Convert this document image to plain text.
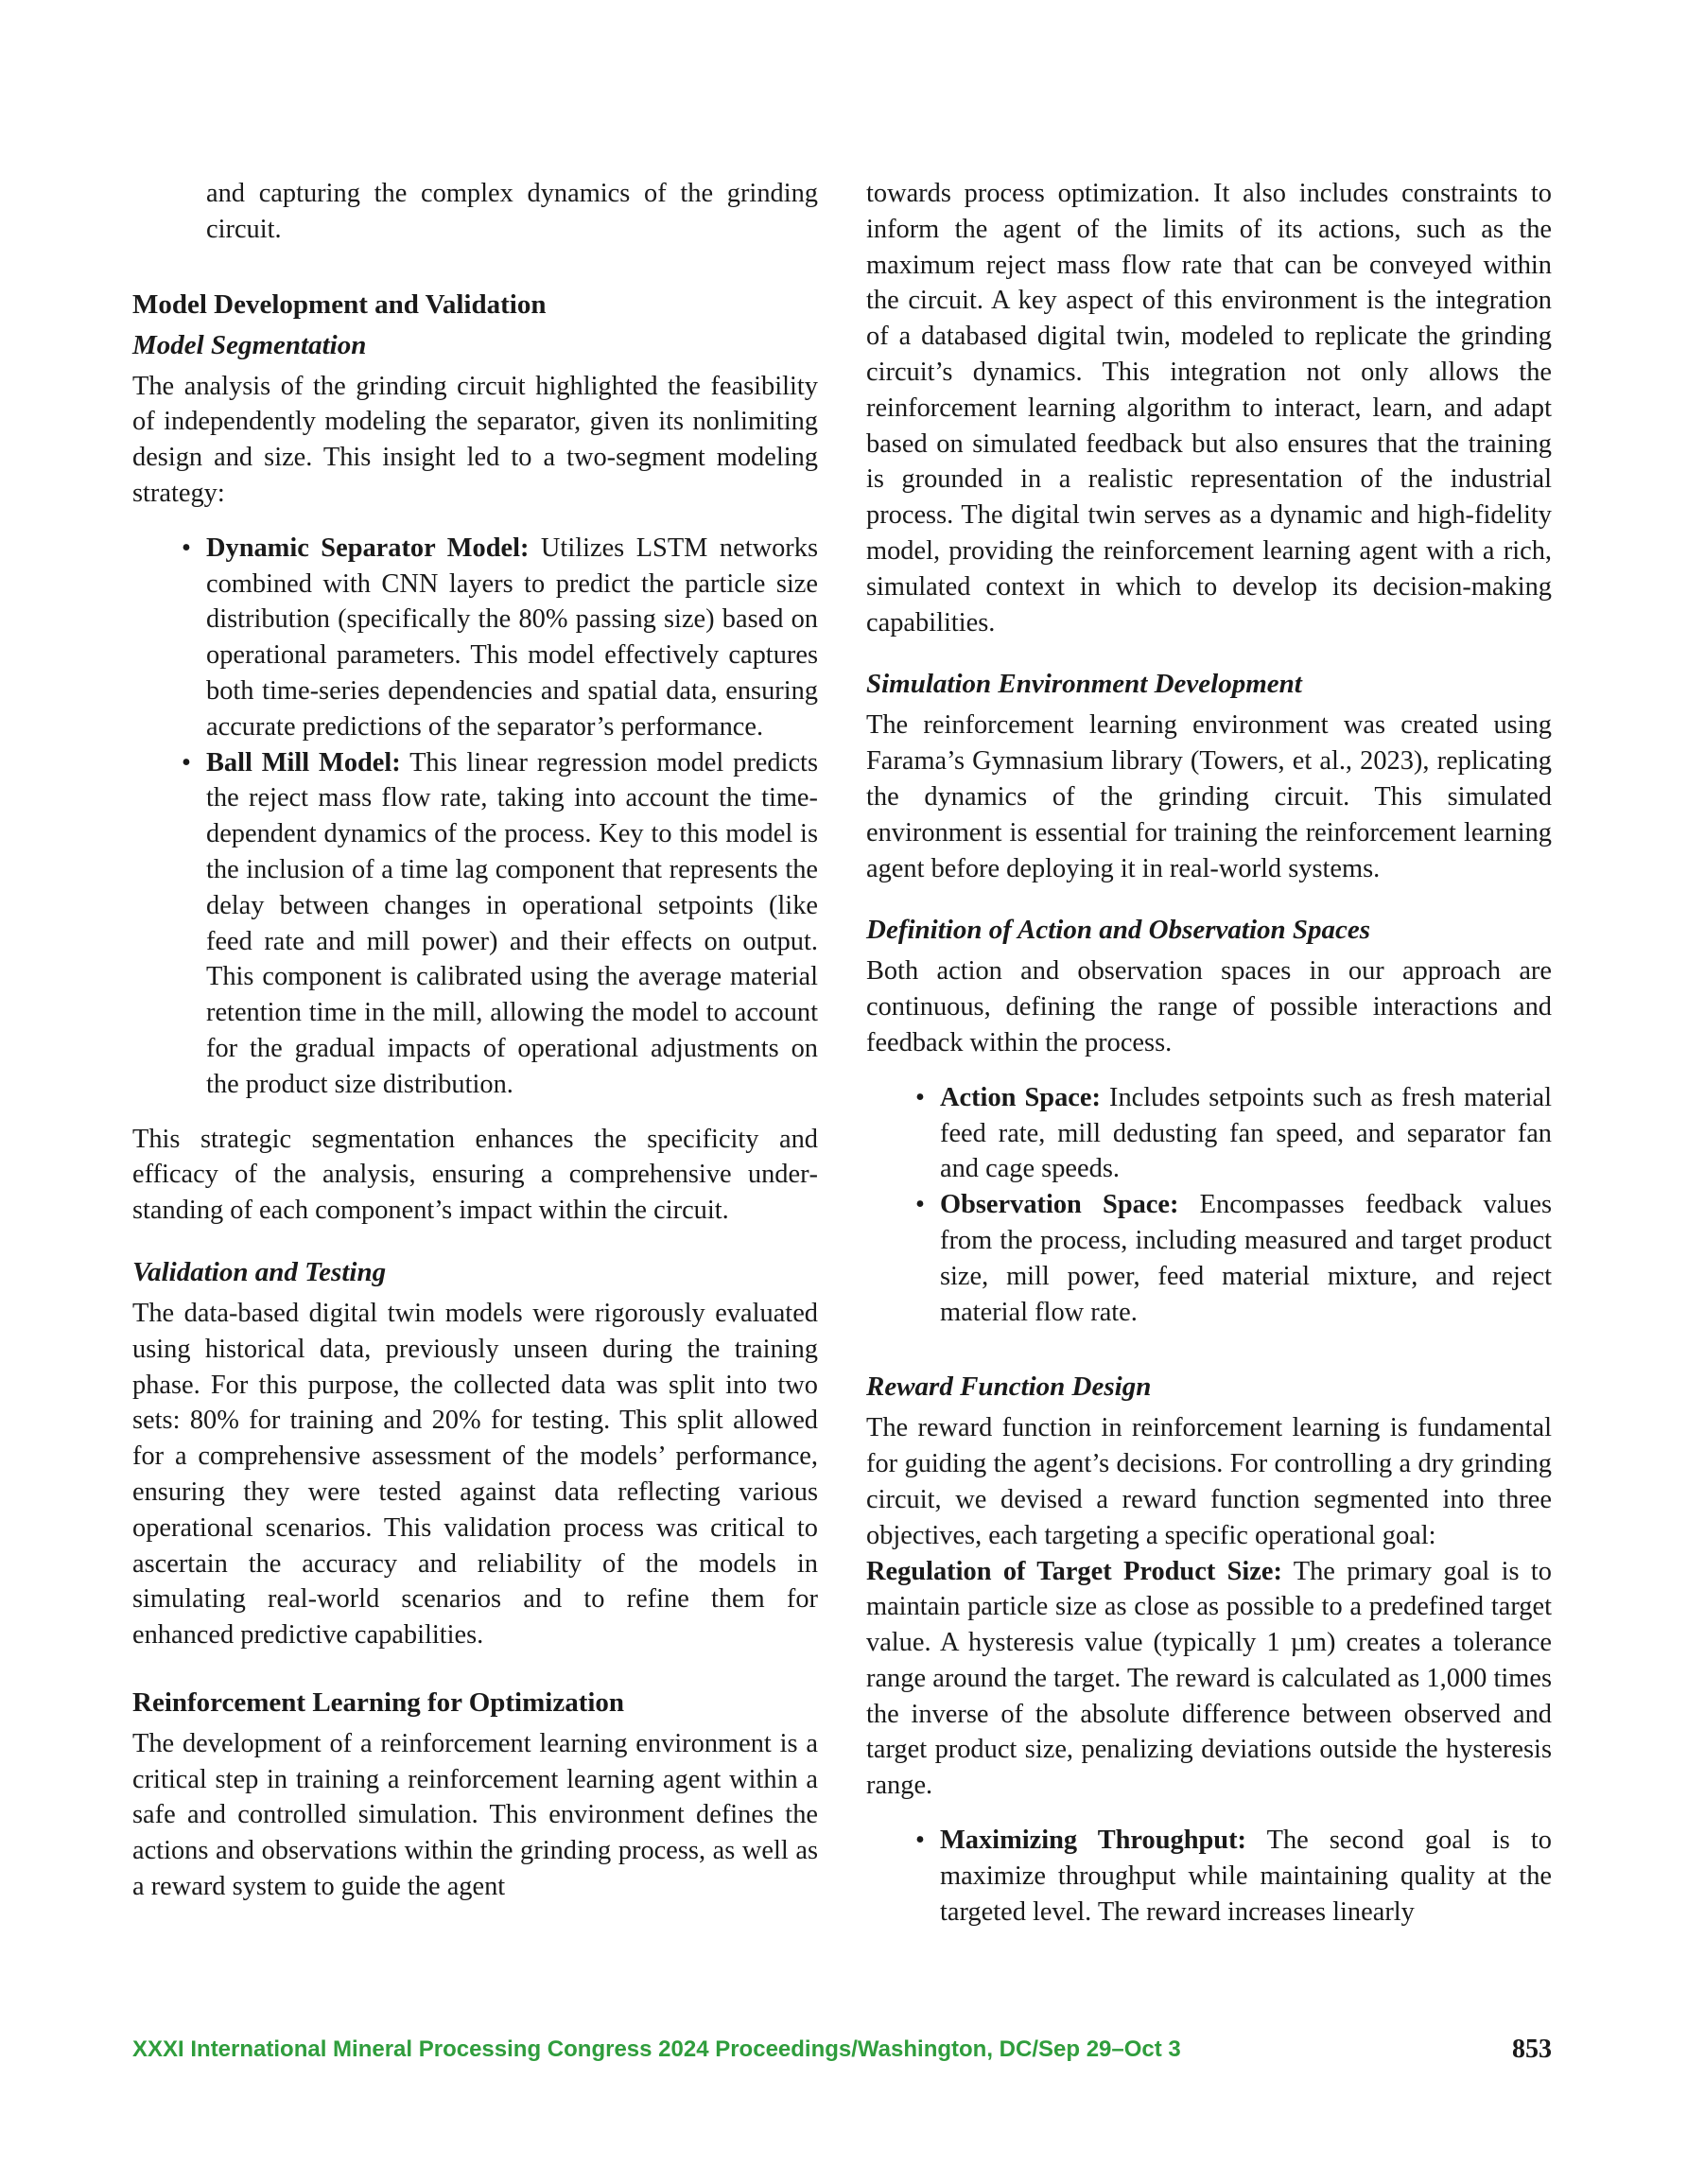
and capturing the complex dynamics of the grinding circuit.

Model Development and Validation
Model Segmentation

The analysis of the grinding circuit highlighted the feasibility of independently modeling the separator, given its nonlimiting design and size. This insight led to a two-segment modeling strategy:

• Dynamic Separator Model: Utilizes LSTM networks combined with CNN layers to predict the particle size distribution (specifically the 80% passing size) based on operational parameters. This model effectively captures both time-series dependencies and spatial data, ensuring accurate predictions of the separator’s performance.
• Ball Mill Model: This linear regression model predicts the reject mass flow rate, taking into account the time-dependent dynamics of the process. Key to this model is the inclusion of a time lag component that represents the delay between changes in operational setpoints (like feed rate and mill power) and their effects on output. This component is calibrated using the average material retention time in the mill, allowing the model to account for the gradual impacts of operational adjustments on the product size distribution.

This strategic segmentation enhances the specificity and efficacy of the analysis, ensuring a comprehensive understanding of each component’s impact within the circuit.

Validation and Testing

The data-based digital twin models were rigorously evaluated using historical data, previously unseen during the training phase. For this purpose, the collected data was split into two sets: 80% for training and 20% for testing. This split allowed for a comprehensive assessment of the models’ performance, ensuring they were tested against data reflecting various operational scenarios. This validation process was critical to ascertain the accuracy and reliability of the models in simulating real-world scenarios and to refine them for enhanced predictive capabilities.

Reinforcement Learning for Optimization

The development of a reinforcement learning environment is a critical step in training a reinforcement learning agent within a safe and controlled simulation. This environment defines the actions and observations within the grinding process, as well as a reward system to guide the agent

towards process optimization. It also includes constraints to inform the agent of the limits of its actions, such as the maximum reject mass flow rate that can be conveyed within the circuit. A key aspect of this environment is the integration of a databased digital twin, modeled to replicate the grinding circuit’s dynamics. This integration not only allows the reinforcement learning algorithm to interact, learn, and adapt based on simulated feedback but also ensures that the training is grounded in a realistic representation of the industrial process. The digital twin serves as a dynamic and high-fidelity model, providing the reinforcement learning agent with a rich, simulated context in which to develop its decision-making capabilities.

Simulation Environment Development

The reinforcement learning environment was created using Farama’s Gymnasium library (Towers, et al., 2023), replicating the dynamics of the grinding circuit. This simulated environment is essential for training the reinforcement learning agent before deploying it in real-world systems.

Definition of Action and Observation Spaces

Both action and observation spaces in our approach are continuous, defining the range of possible interactions and feedback within the process.

• Action Space: Includes setpoints such as fresh material feed rate, mill dedusting fan speed, and separator fan and cage speeds.
• Observation Space: Encompasses feedback values from the process, including measured and target product size, mill power, feed material mixture, and reject material flow rate.
Reward Function Design

The reward function in reinforcement learning is fundamental for guiding the agent’s decisions. For controlling a dry grinding circuit, we devised a reward function segmented into three objectives, each targeting a specific operational goal:

Regulation of Target Product Size: The primary goal is to maintain particle size as close as possible to a predefined target value. A hysteresis value (typically 1 µm) creates a tolerance range around the target. The reward is calculated as 1,000 times the inverse of the absolute difference between observed and target product size, penalizing deviations outside the hysteresis range.

• Maximizing Throughput: The second goal is to maximize throughput while maintaining quality at the targeted level. The reward increases linearly
XXXI International Mineral Processing Congress 2024 Proceedings/Washington, DC/Sep 29–Oct 3	853
